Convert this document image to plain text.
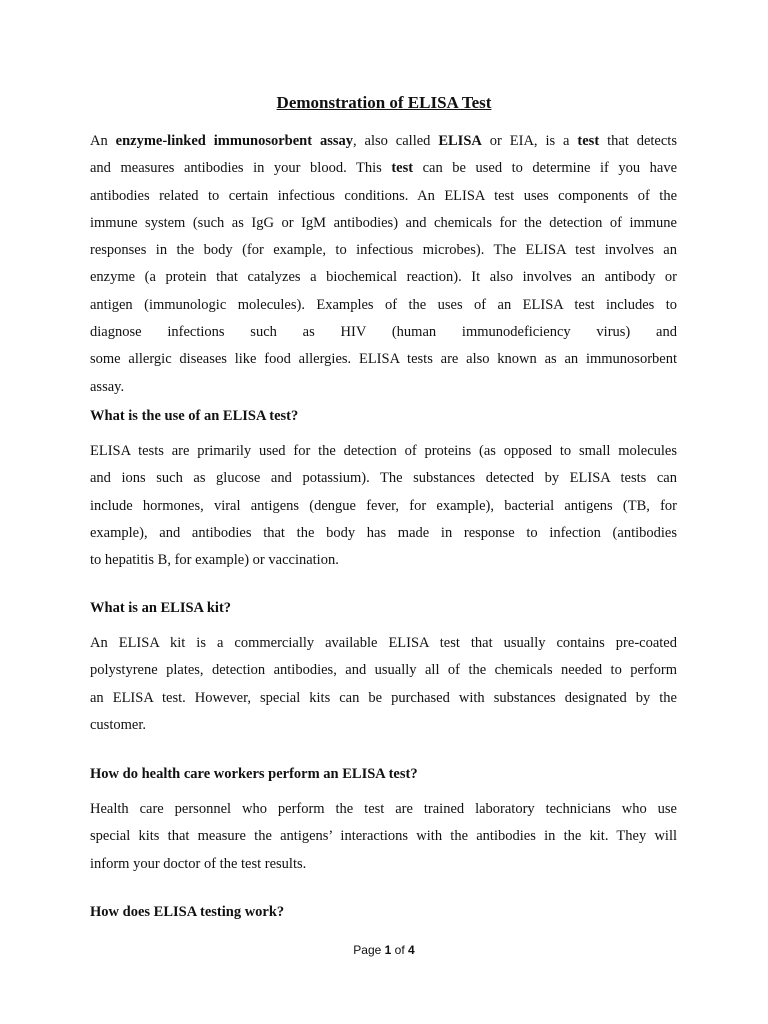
Demonstration of ELISA Test
An enzyme-linked immunosorbent assay, also called ELISA or EIA, is a test that detects
and measures antibodies in your blood. This test can be used to determine if you have
antibodies related to certain infectious conditions. An ELISA test uses components of the
immune system (such as IgG or IgM antibodies) and chemicals for the detection of immune
responses in the body (for example, to infectious microbes). The ELISA test involves an
enzyme (a protein that catalyzes a biochemical reaction). It also involves an antibody or
antigen (immunologic molecules). Examples of the uses of an ELISA test includes to
diagnose infections such as HIV (human immunodeficiency virus) and
some allergic diseases like food allergies. ELISA tests are also known as an immunosorbent
assay.
What is the use of an ELISA test?
ELISA tests are primarily used for the detection of proteins (as opposed to small molecules
and ions such as glucose and potassium). The substances detected by ELISA tests can
include hormones, viral antigens (dengue fever, for example), bacterial antigens (TB, for
example), and antibodies that the body has made in response to infection (antibodies
to hepatitis B, for example) or vaccination.
What is an ELISA kit?
An ELISA kit is a commercially available ELISA test that usually contains pre-coated
polystyrene plates, detection antibodies, and usually all of the chemicals needed to perform
an ELISA test. However, special kits can be purchased with substances designated by the
customer.
How do health care workers perform an ELISA test?
Health care personnel who perform the test are trained laboratory technicians who use
special kits that measure the antigens’ interactions with the antibodies in the kit. They will
inform your doctor of the test results.
How does ELISA testing work?
Page 1 of 4
